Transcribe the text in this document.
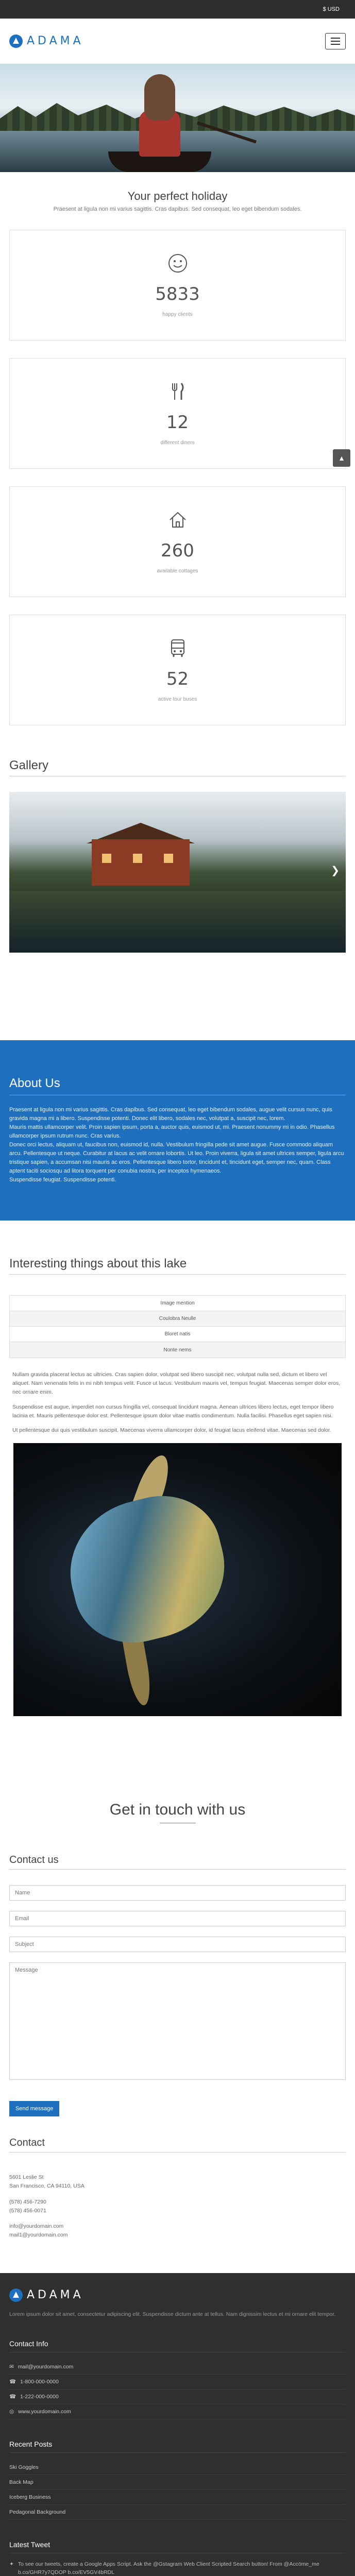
$ USD
ADAMA
Your perfect holiday

Praesent at ligula non mi varius sagittis. Cras dapibus. Sed consequat, leo eget bibendum sodales.

5833
happy clients
12
different diners
260
available cottages
52
active tour buses
▲
Gallery
❯
About Us

Praesent at ligula non mi varius sagittis. Cras dapibus. Sed consequat, leo eget bibendum sodales, augue velit cursus nunc, quis gravida magna mi a libero. Suspendisse potenti. Donec elit libero, sodales nec, volutpat a, suscipit nec, lorem.

Mauris mattis ullamcorper velit. Proin sapien ipsum, porta a, auctor quis, euismod ut, mi. Praesent nonummy mi in odio. Phasellus ullamcorper ipsum rutrum nunc. Cras varius.

Donec orci lectus, aliquam ut, faucibus non, euismod id, nulla. Vestibulum fringilla pede sit amet augue. Fusce commodo aliquam arcu. Pellentesque ut neque. Curabitur at lacus ac velit ornare lobortis. Ut leo. Proin viverra, ligula sit amet ultrices semper, ligula arcu tristique sapien, a accumsan nisi mauris ac eros. Pellentesque libero tortor, tincidunt et, tincidunt eget, semper nec, quam. Class aptent taciti sociosqu ad litora torquent per conubia nostra, per inceptos hymenaeos.

Suspendisse feugiat. Suspendisse potenti.

Interesting things about this lake
Image mention
Coulobra Neulle
Bloret natis
Nonte nems

Nullam gravida placerat lectus ac ultricies. Cras sapien dolor, volutpat sed libero suscipit nec, volutpat nulla sed, dictum et libero vel aliquet. Nam venenatis felis in mi nibh tempus velit. Fusce ut lacus. Vestibulum mauris vel, tempus feugiat. Maecenas semper dolor eros, nec ornare enim.

Suspendisse est augue, imperdiet non cursus fringilla vel, consequat tincidunt magna. Aenean ultrices libero lectus, eget tempor libero lacinia et. Mauris pellentesque dolor est. Pellentesque ipsum dolor vitae mattis condimentum. Nulla facilisi. Phasellus eget sapien nisi.

Ut pellentesque dui quis vestibulum suscipit. Maecenas viverra ullamcorper dolor, id feugiat lacus eleifend vitae. Maecenas sed dolor.

Get in touch with us
Contact us
Name Email Subject Message Send message
Contact

5601 Leslie St
San Francisco, CA 94110, USA

(578) 456-7290
(578) 456-0071

info@yourdomain.com
mail1@yourdomain.com

ADAMA

Lorem ipsum dolor sit amet, consectetur adipiscing elit. Suspendisse dictum ante at tellus. Nam dignissim lectus et mi ornare elit tempor.

Contact Info
✉ mail@yourdomain.com
☎ 1-800-000-0000
☎ 1-222-000-0000
◎ www.yourdomain.com
Recent Posts
Ski Goggles
Back Map
Iceberg Business
Pedagonal Background
Latest Tweet
✦ To see our tweets, create a Google Apps Script. Ask the @Gstagram Web Client Scripted Search button! From @Accöme_me b.co/GHR7y7QDOP b.co/EV5GV4bRDL
